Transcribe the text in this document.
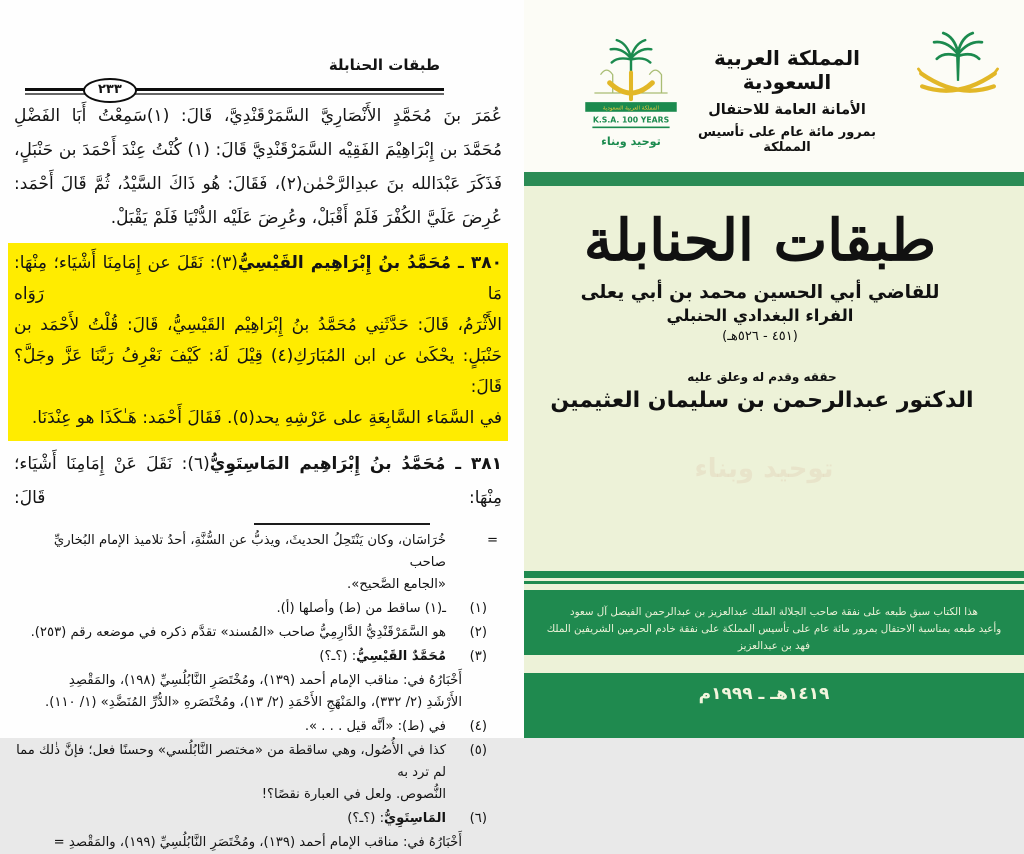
طبقات الحنابلة
٢٣٣
عُمَرَ بنَ مُحَمَّدٍ الأَنْصَارِيَّ السَّمَرْقَنْدِيَّ، قَالَ: (١)سَمِعْتُ أَبَا الفَضْلِ
مُحَمَّدَ بن إِبْرَاهِيْمَ الفَقِيْه السَّمَرْقَنْدِيَّ قَالَ: (١) كُنْتُ عِنْدَ أَحْمَدَ بن حَنْبَلٍ،
فَذَكَرَ عَبْدَالله بنَ عبدِالرَّحْمٰن(٢)، فَقَالَ: هُو ذَاكَ السَّيْدُ، ثُمَّ قَالَ أَحْمَد:
عُرِضَ عَلَيَّ الكُفْرَ فَلَمْ أَقْبَلْ، وعُرِضَ عَلَيْه الدُّنْيَا فَلَمْ يَقْبَلْ.
٣٨٠ ـ مُحَمَّدُ بنُ إِبْرَاهِيم القَيْسِيُّ(٣): نَقَلَ عن إِمَامِنَا أَشْيَاء؛ مِنْهَا: مَا رَوَاه
الأَثْرَمُ، قَالَ: حَدَّثَنِي مُحَمَّدُ بنُ إِبْرَاهِيْم القَيْسِيُّ، قَالَ: قُلْتُ لأَحْمَد بن
حَنْبَلٍ: يحْكَىٰ عن ابن المُبَارَكِ(٤) قِيْلَ لَهُ: كَيْفَ نَعْرِفُ رَبَّنَا عَزَّ وجَلَّ؟ قَالَ:
في السَّمَاء السَّابِعَةِ على عَرْشِهِ يحد(٥). فَقَالَ أَحْمَد: هَـٰكَذَا هو عِنْدَنَا.
٣٨١ ـ مُحَمَّدُ بنُ إِبْرَاهِيم المَاسِتَوِيُّ(٦): نَقَلَ عَنْ إِمَامِنَا أَشْيَاء؛ مِنْهَا: قَالَ:
=
خُرَاسَان، وكان يَنْتَحِلُ الحديثَ، ويذبُّ عن السُّنَّةِ، أحدُ تلاميذ الإمام البُخاريِّ صاحب
«الجامع الصَّحيح».
(١)
ـ(١) ساقط من (ط) وأصلها (أ).
(٢)
هو السَّمَرْقَنْدِيُّ الدَّارِمِيُّ صاحب «المُسند» تقدَّم ذكره في موضعه رقم (٢٥٣).
(٣)
مُحَمَّدٌ القَيْسِيُّ: (؟ـ؟)
أَخْبَارُهُ في: مناقب الإمام أحمد (١٣٩)، ومُخْتَصَرِ النَّابُلُسِيِّ (١٩٨)، والمَقْصِدِ
الأَرْشَدِ (٢/ ٣٣٢)، والمَنْهَجِ الأَحْمَدِ (٢/ ١٣)، ومُخْتَصَرهِ «الدُّرِّ المُنَضَّدِ» (١/ ١١٠).
(٤)
في (ط): «أنَّه قيل . . . ».
(٥)
كذا في الأُصُول، وهي ساقطة من «مختصر النَّابُلُسي» وحسنًا فعل؛ فإنَّ ذٰلك مما لم ترد به
النُّصوص. ولعل في العبارة نقصًا؟!
(٦)
المَاسِتَوِيُّ: (؟ـ؟)
أَخْبَارُهُ في: مناقب الإمام أحمد (١٣٩)، ومُخْتَصَرِ النَّابُلُسِيِّ (١٩٩)، والمَقْصدِ =
المملكة العربية السعودية
K.S.A. 100 YEARS
توحيد وبناء
المملكة العربية السعودية
الأمانة العامة للاحتفال
بمرور مائة عام على تأسيس المملكة
طبقات الحنابلة
للقاضي أبي الحسين محمد بن أبي يعلى
الفراء البغدادي الحنبلي
(٤٥١ - ٥٢٦هـ)
حققه وقدم له وعلق عليه
الدكتور عبدالرحمن بن سليمان العثيمين
توحيد وبناء
هذا الكتاب سبق طبعه على نفقة صاحب الجلالة الملك عبدالعزيز بن عبدالرحمن الفيصل آل سعود
وأعيد طبعه بمناسبة الاحتفال بمرور مائة عام على تأسيس المملكة على نفقة خادم الحرمين الشريفين الملك فهد بن عبدالعزيز
١٤١٩هـ ـ ١٩٩٩م
